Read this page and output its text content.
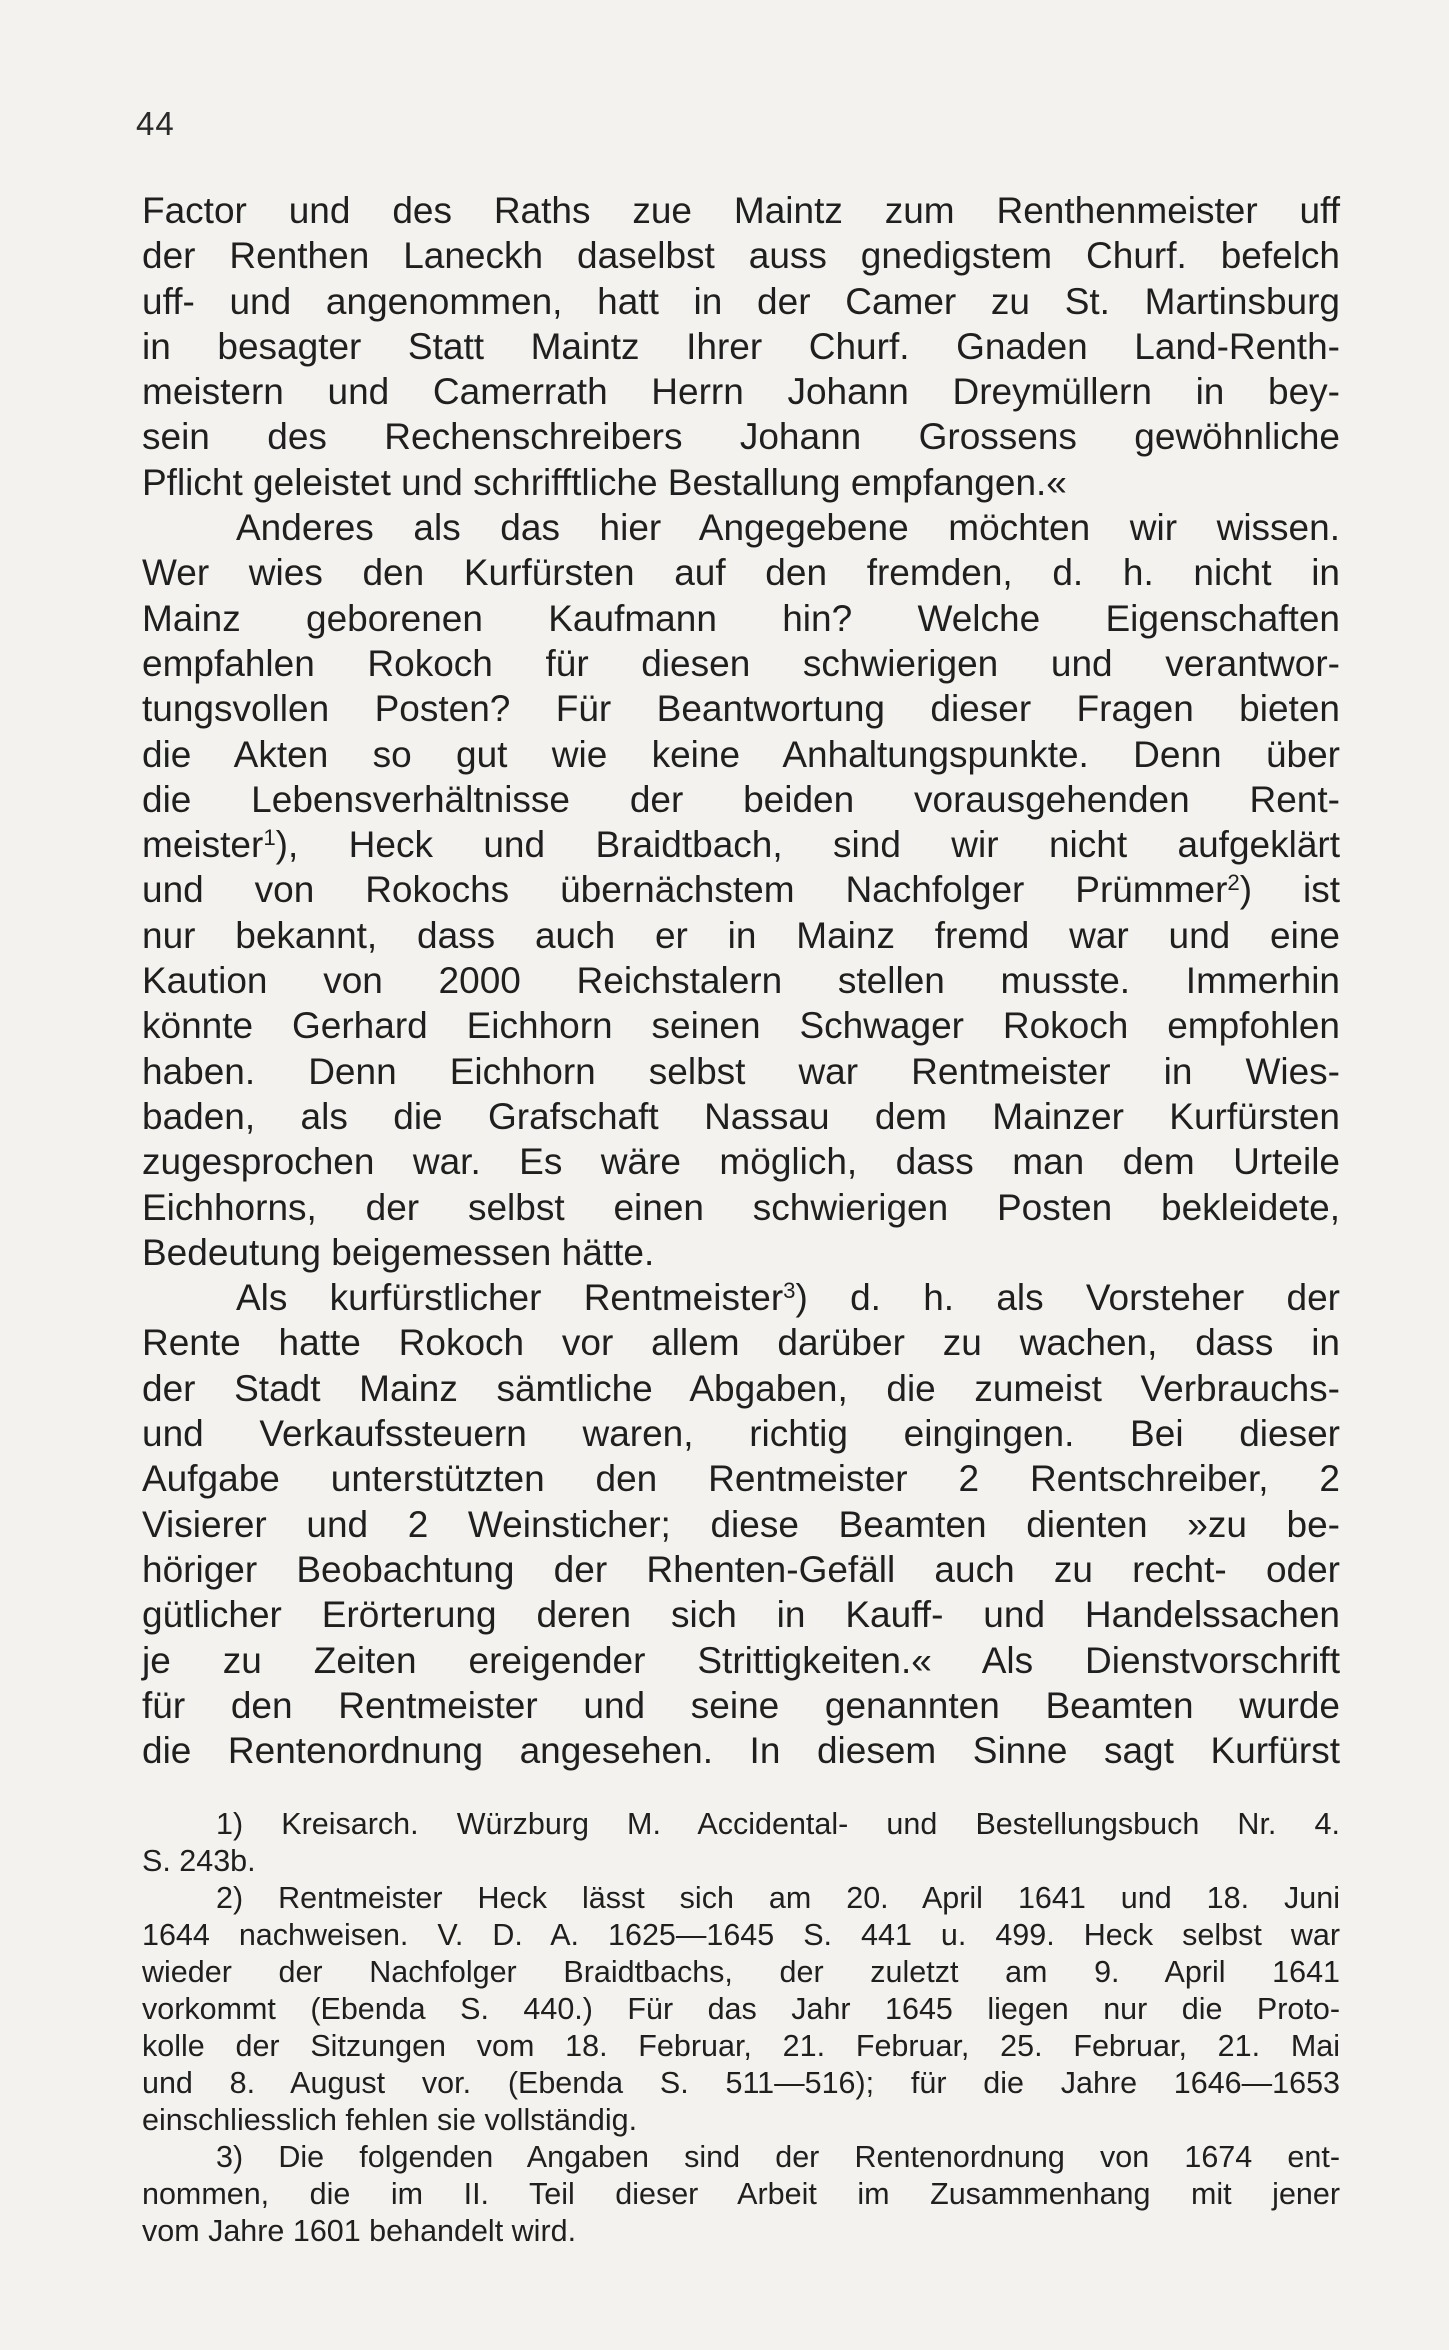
44
Factor und des Raths zue Maintz zum Renthenmeister uff
der Renthen Laneckh daselbst auss gnedigstem Churf. befelch
uff- und angenommen, hatt in der Camer zu St. Martinsburg
in besagter Statt Maintz Ihrer Churf. Gnaden Land-Renth-
meistern und Camerrath Herrn Johann Dreymüllern in bey-
sein des Rechenschreibers Johann Grossens gewöhnliche
Pflicht geleistet und schrifftliche Bestallung empfangen.«
Anderes als das hier Angegebene möchten wir wissen.
Wer wies den Kurfürsten auf den fremden, d. h. nicht in
Mainz geborenen Kaufmann hin? Welche Eigenschaften
empfahlen Rokoch für diesen schwierigen und verantwor-
tungsvollen Posten? Für Beantwortung dieser Fragen bieten
die Akten so gut wie keine Anhaltungspunkte. Denn über
die Lebensverhältnisse der beiden vorausgehenden Rent-
meister$^1$), Heck und Braidtbach, sind wir nicht aufgeklärt
und von Rokochs übernächstem Nachfolger Prümmer$^2$) ist
nur bekannt, dass auch er in Mainz fremd war und eine
Kaution von 2000 Reichstalern stellen musste. Immerhin
könnte Gerhard Eichhorn seinen Schwager Rokoch empfohlen
haben. Denn Eichhorn selbst war Rentmeister in Wies-
baden, als die Grafschaft Nassau dem Mainzer Kurfürsten
zugesprochen war. Es wäre möglich, dass man dem Urteile
Eichhorns, der selbst einen schwierigen Posten bekleidete,
Bedeutung beigemessen hätte.
Als kurfürstlicher Rentmeister$^3$) d. h. als Vorsteher der
Rente hatte Rokoch vor allem darüber zu wachen, dass in
der Stadt Mainz sämtliche Abgaben, die zumeist Verbrauchs-
und Verkaufssteuern waren, richtig eingingen. Bei dieser
Aufgabe unterstützten den Rentmeister 2 Rentschreiber, 2
Visierer und 2 Weinsticher; diese Beamten dienten »zu be-
höriger Beobachtung der Rhenten-Gefäll auch zu recht- oder
gütlicher Erörterung deren sich in Kauff- und Handelssachen
je zu Zeiten ereigender Strittigkeiten.« Als Dienstvorschrift
für den Rentmeister und seine genannten Beamten wurde
die Rentenordnung angesehen. In diesem Sinne sagt Kurfürst
1) Kreisarch. Würzburg M. Accidental- und Bestellungsbuch Nr. 4.
S. 243b.
2) Rentmeister Heck lässt sich am 20. April 1641 und 18. Juni
1644 nachweisen. V. D. A. 1625—1645 S. 441 u. 499. Heck selbst war
wieder der Nachfolger Braidtbachs, der zuletzt am 9. April 1641
vorkommt (Ebenda S. 440.) Für das Jahr 1645 liegen nur die Proto-
kolle der Sitzungen vom 18. Februar, 21. Februar, 25. Februar, 21. Mai
und 8. August vor. (Ebenda S. 511—516); für die Jahre 1646—1653
einschliesslich fehlen sie vollständig.
3) Die folgenden Angaben sind der Rentenordnung von 1674 ent-
nommen, die im II. Teil dieser Arbeit im Zusammenhang mit jener
vom Jahre 1601 behandelt wird.
